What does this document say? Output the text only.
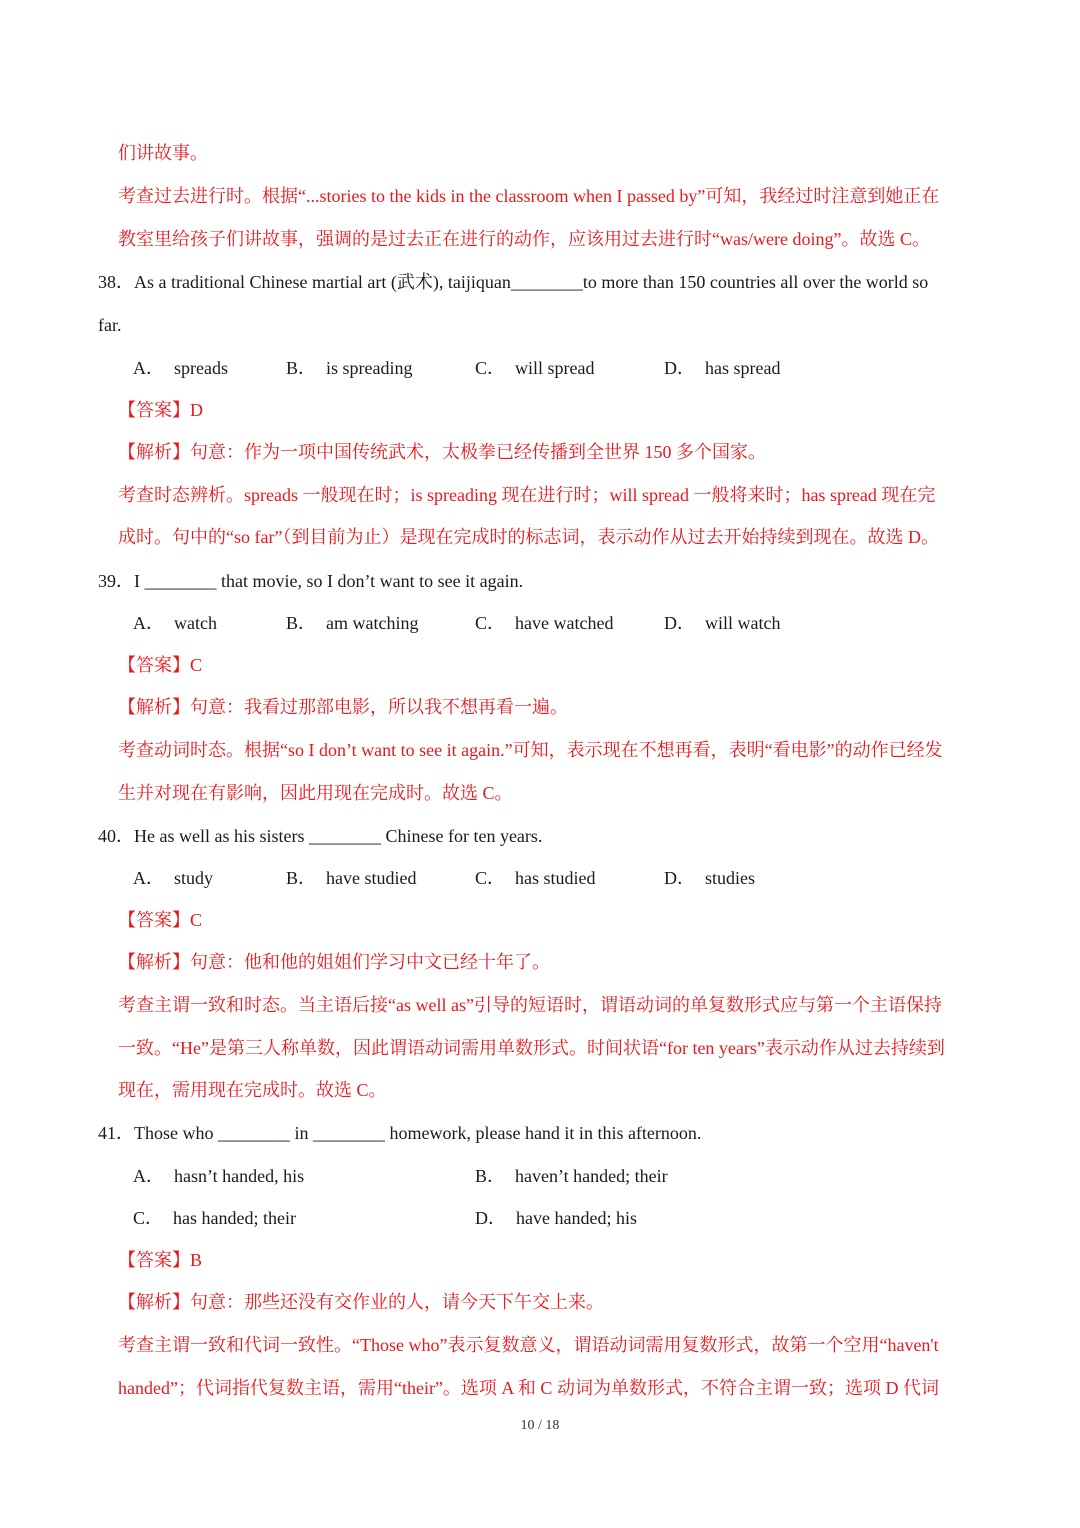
们讲故事。
考查过去进行时。根据“...stories to the kids in the classroom when I passed by”可知，我经过时注意到她正在
教室里给孩子们讲故事，强调的是过去正在进行的动作，应该用过去进行时“was/were doing”。故选 C。
38．As a traditional Chinese martial art (武术), taijiquan________to more than 150 countries all over the world so
far.
A． spreads	B． is spreading	C． will spread	D． has spread
【答案】D
【解析】句意：作为一项中国传统武术，太极拳已经传播到全世界 150 多个国家。
考查时态辨析。spreads 一般现在时；is spreading 现在进行时；will spread 一般将来时；has spread 现在完
成时。句中的“so far”（到目前为止）是现在完成时的标志词，表示动作从过去开始持续到现在。故选 D。
39．I ________ that movie, so I don’t want to see it again.
A． watch	B． am watching	C． have watched	D． will watch
【答案】C
【解析】句意：我看过那部电影，所以我不想再看一遍。
考查动词时态。根据“so I don’t want to see it again.”可知，表示现在不想再看，表明“看电影”的动作已经发
生并对现在有影响，因此用现在完成时。故选 C。
40．He as well as his sisters ________ Chinese for ten years.
A． study	B． have studied	C． has studied	D． studies
【答案】C
【解析】句意：他和他的姐姐们学习中文已经十年了。
考查主谓一致和时态。当主语后接“as well as”引导的短语时，谓语动词的单复数形式应与第一个主语保持
一致。“He”是第三人称单数，因此谓语动词需用单数形式。时间状语“for ten years”表示动作从过去持续到
现在，需用现在完成时。故选 C。
41．Those who ________ in ________ homework, please hand it in this afternoon.
A． hasn’t handed, his	B． haven’t handed; their
C． has handed; their	D． have handed; his
【答案】B
【解析】句意：那些还没有交作业的人，请今天下午交上来。
考查主谓一致和代词一致性。“Those who”表示复数意义，谓语动词需用复数形式，故第一个空用“haven't
handed”；代词指代复数主语，需用“their”。选项 A 和 C 动词为单数形式，不符合主谓一致；选项 D 代词
10 / 18
